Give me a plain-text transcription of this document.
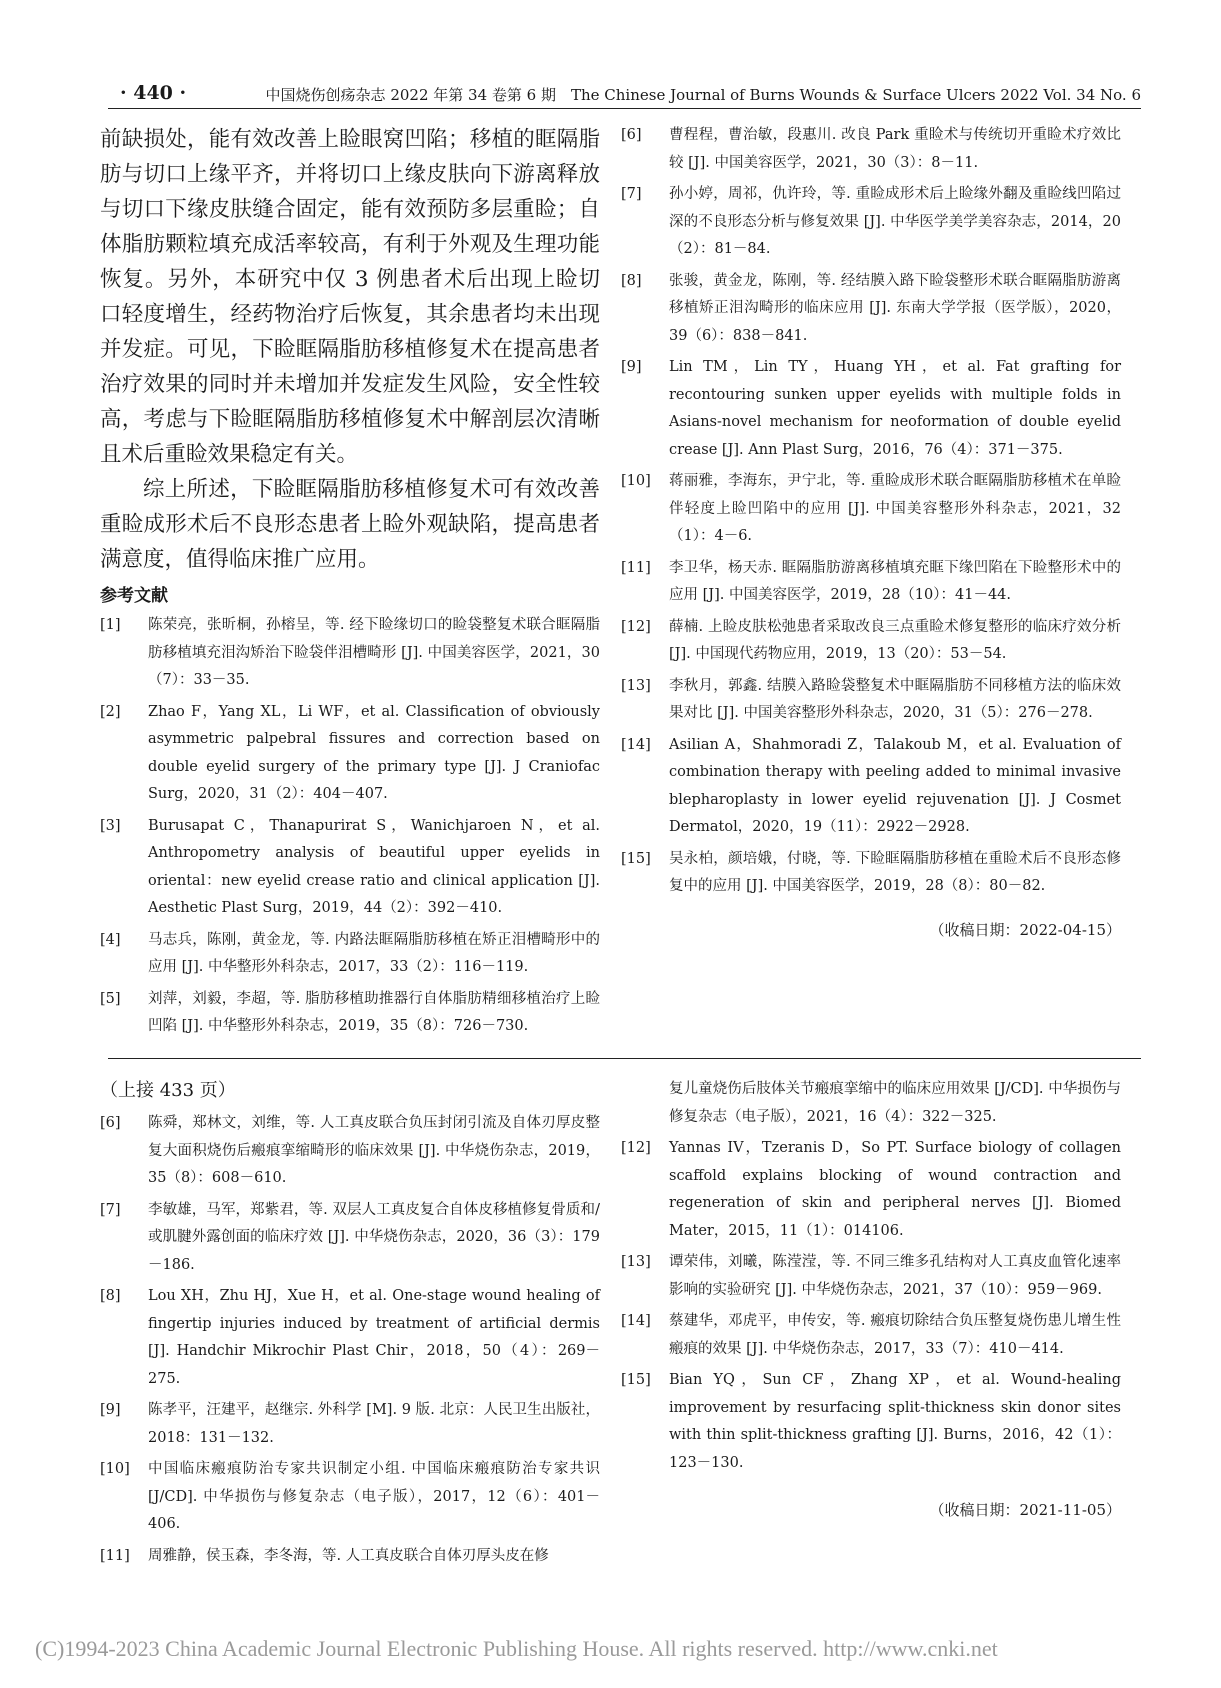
· 440 ·	中国烧伤创疡杂志 2022 年第 34 卷第 6 期　The Chinese Journal of Burns Wounds & Surface Ulcers 2022 Vol. 34 No. 6

前缺损处，能有效改善上睑眼窝凹陷；移植的眶隔脂肪与切口上缘平齐，并将切口上缘皮肤向下游离释放与切口下缘皮肤缝合固定，能有效预防多层重睑；自体脂肪颗粒填充成活率较高，有利于外观及生理功能恢复。另外，本研究中仅 3 例患者术后出现上睑切口轻度增生，经药物治疗后恢复，其余患者均未出现并发症。可见，下睑眶隔脂肪移植修复术在提高患者治疗效果的同时并未增加并发症发生风险，安全性较高，考虑与下睑眶隔脂肪移植修复术中解剖层次清晰且术后重睑效果稳定有关。

综上所述，下睑眶隔脂肪移植修复术可有效改善重睑成形术后不良形态患者上睑外观缺陷，提高患者满意度，值得临床推广应用。

参考文献

[1]	陈荣亮，张昕桐，孙榕呈，等. 经下睑缘切口的睑袋整复术联合眶隔脂肪移植填充泪沟矫治下睑袋伴泪槽畸形 [J]. 中国美容医学，2021，30（7）：33－35.

[2]	Zhao F，Yang XL，Li WF，et al. Classification of obviously asymmetric palpebral fissures and correction based on double eyelid surgery of the primary type [J]. J Craniofac Surg，2020，31（2）：404－407.

[3]	Burusapat C，Thanapurirat S，Wanichjaroen N，et al. Anthropometry analysis of beautiful upper eyelids in oriental：new eyelid crease ratio and clinical application [J]. Aesthetic Plast Surg，2019，44（2）：392－410.

[4]	马志兵，陈刚，黄金龙，等. 内路法眶隔脂肪移植在矫正泪槽畸形中的应用 [J]. 中华整形外科杂志，2017，33（2）：116－119.

[5]	刘萍，刘毅，李超，等. 脂肪移植助推器行自体脂肪精细移植治疗上睑凹陷 [J]. 中华整形外科杂志，2019，35（8）：726－730.

[6]	曹程程，曹治敏，段惠川. 改良 Park 重睑术与传统切开重睑术疗效比较 [J]. 中国美容医学，2021，30（3）：8－11.

[7]	孙小婷，周祁，仇许玲，等. 重睑成形术后上睑缘外翻及重睑线凹陷过深的不良形态分析与修复效果 [J]. 中华医学美学美容杂志，2014，20（2）：81－84.

[8]	张骏，黄金龙，陈刚，等. 经结膜入路下睑袋整形术联合眶隔脂肪游离移植矫正泪沟畸形的临床应用 [J]. 东南大学学报（医学版），2020，39（6）：838－841.

[9]	Lin TM，Lin TY，Huang YH，et al. Fat grafting for recontouring sunken upper eyelids with multiple folds in Asians-novel mechanism for neoformation of double eyelid crease [J]. Ann Plast Surg，2016，76（4）：371－375.

[10]	蒋丽雅，李海东，尹宁北，等. 重睑成形术联合眶隔脂肪移植术在单睑伴轻度上睑凹陷中的应用 [J]. 中国美容整形外科杂志，2021，32（1）：4－6.

[11]	李卫华，杨天赤. 眶隔脂肪游离移植填充眶下缘凹陷在下睑整形术中的应用 [J]. 中国美容医学，2019，28（10）：41－44.

[12]	薛楠. 上睑皮肤松弛患者采取改良三点重睑术修复整形的临床疗效分析 [J]. 中国现代药物应用，2019，13（20）：53－54.

[13]	李秋月，郭鑫. 结膜入路睑袋整复术中眶隔脂肪不同移植方法的临床效果对比 [J]. 中国美容整形外科杂志，2020，31（5）：276－278.

[14]	Asilian A，Shahmoradi Z，Talakoub M，et al. Evaluation of combination therapy with peeling added to minimal invasive blepharoplasty in lower eyelid rejuvenation [J]. J Cosmet Dermatol，2020，19（11）：2922－2928.

[15]	吴永柏，颜培娥，付晓，等. 下睑眶隔脂肪移植在重睑术后不良形态修复中的应用 [J]. 中国美容医学，2019，28（8）：80－82.

（收稿日期：2022-04-15）
（上接 433 页）

[6]	陈舜，郑林文，刘维，等. 人工真皮联合负压封闭引流及自体刃厚皮整复大面积烧伤后瘢痕挛缩畸形的临床效果 [J]. 中华烧伤杂志，2019，35（8）：608－610.

[7]	李敏雄，马军，郑紫君，等. 双层人工真皮复合自体皮移植修复骨质和/或肌腱外露创面的临床疗效 [J]. 中华烧伤杂志，2020，36（3）：179－186.

[8]	Lou XH，Zhu HJ，Xue H，et al. One-stage wound healing of fingertip injuries induced by treatment of artificial dermis [J]. Handchir Mikrochir Plast Chir，2018，50（4）：269－275.

[9]	陈孝平，汪建平，赵继宗. 外科学 [M]. 9 版. 北京：人民卫生出版社，2018：131－132.

[10]	中国临床瘢痕防治专家共识制定小组. 中国临床瘢痕防治专家共识 [J/CD]. 中华损伤与修复杂志（电子版），2017，12（6）：401－406.

[11]	周雅静，侯玉森，李冬海，等. 人工真皮联合自体刃厚头皮在修

复儿童烧伤后肢体关节瘢痕挛缩中的临床应用效果 [J/CD]. 中华损伤与修复杂志（电子版），2021，16（4）：322－325.

[12]	Yannas IV，Tzeranis D，So PT. Surface biology of collagen scaffold explains blocking of wound contraction and regeneration of skin and peripheral nerves [J]. Biomed Mater，2015，11（1）：014106.

[13]	谭荣伟，刘曦，陈滢滢，等. 不同三维多孔结构对人工真皮血管化速率影响的实验研究 [J]. 中华烧伤杂志，2021，37（10）：959－969.

[14]	蔡建华，邓虎平，申传安，等. 瘢痕切除结合负压整复烧伤患儿增生性瘢痕的效果 [J]. 中华烧伤杂志，2017，33（7）：410－414.

[15]	Bian YQ，Sun CF，Zhang XP，et al. Wound-healing improvement by resurfacing split-thickness skin donor sites with thin split-thickness grafting [J]. Burns，2016，42（1）：123－130.

（收稿日期：2021-11-05）
(C)1994-2023 China Academic Journal Electronic Publishing House. All rights reserved. http://www.cnki.net
